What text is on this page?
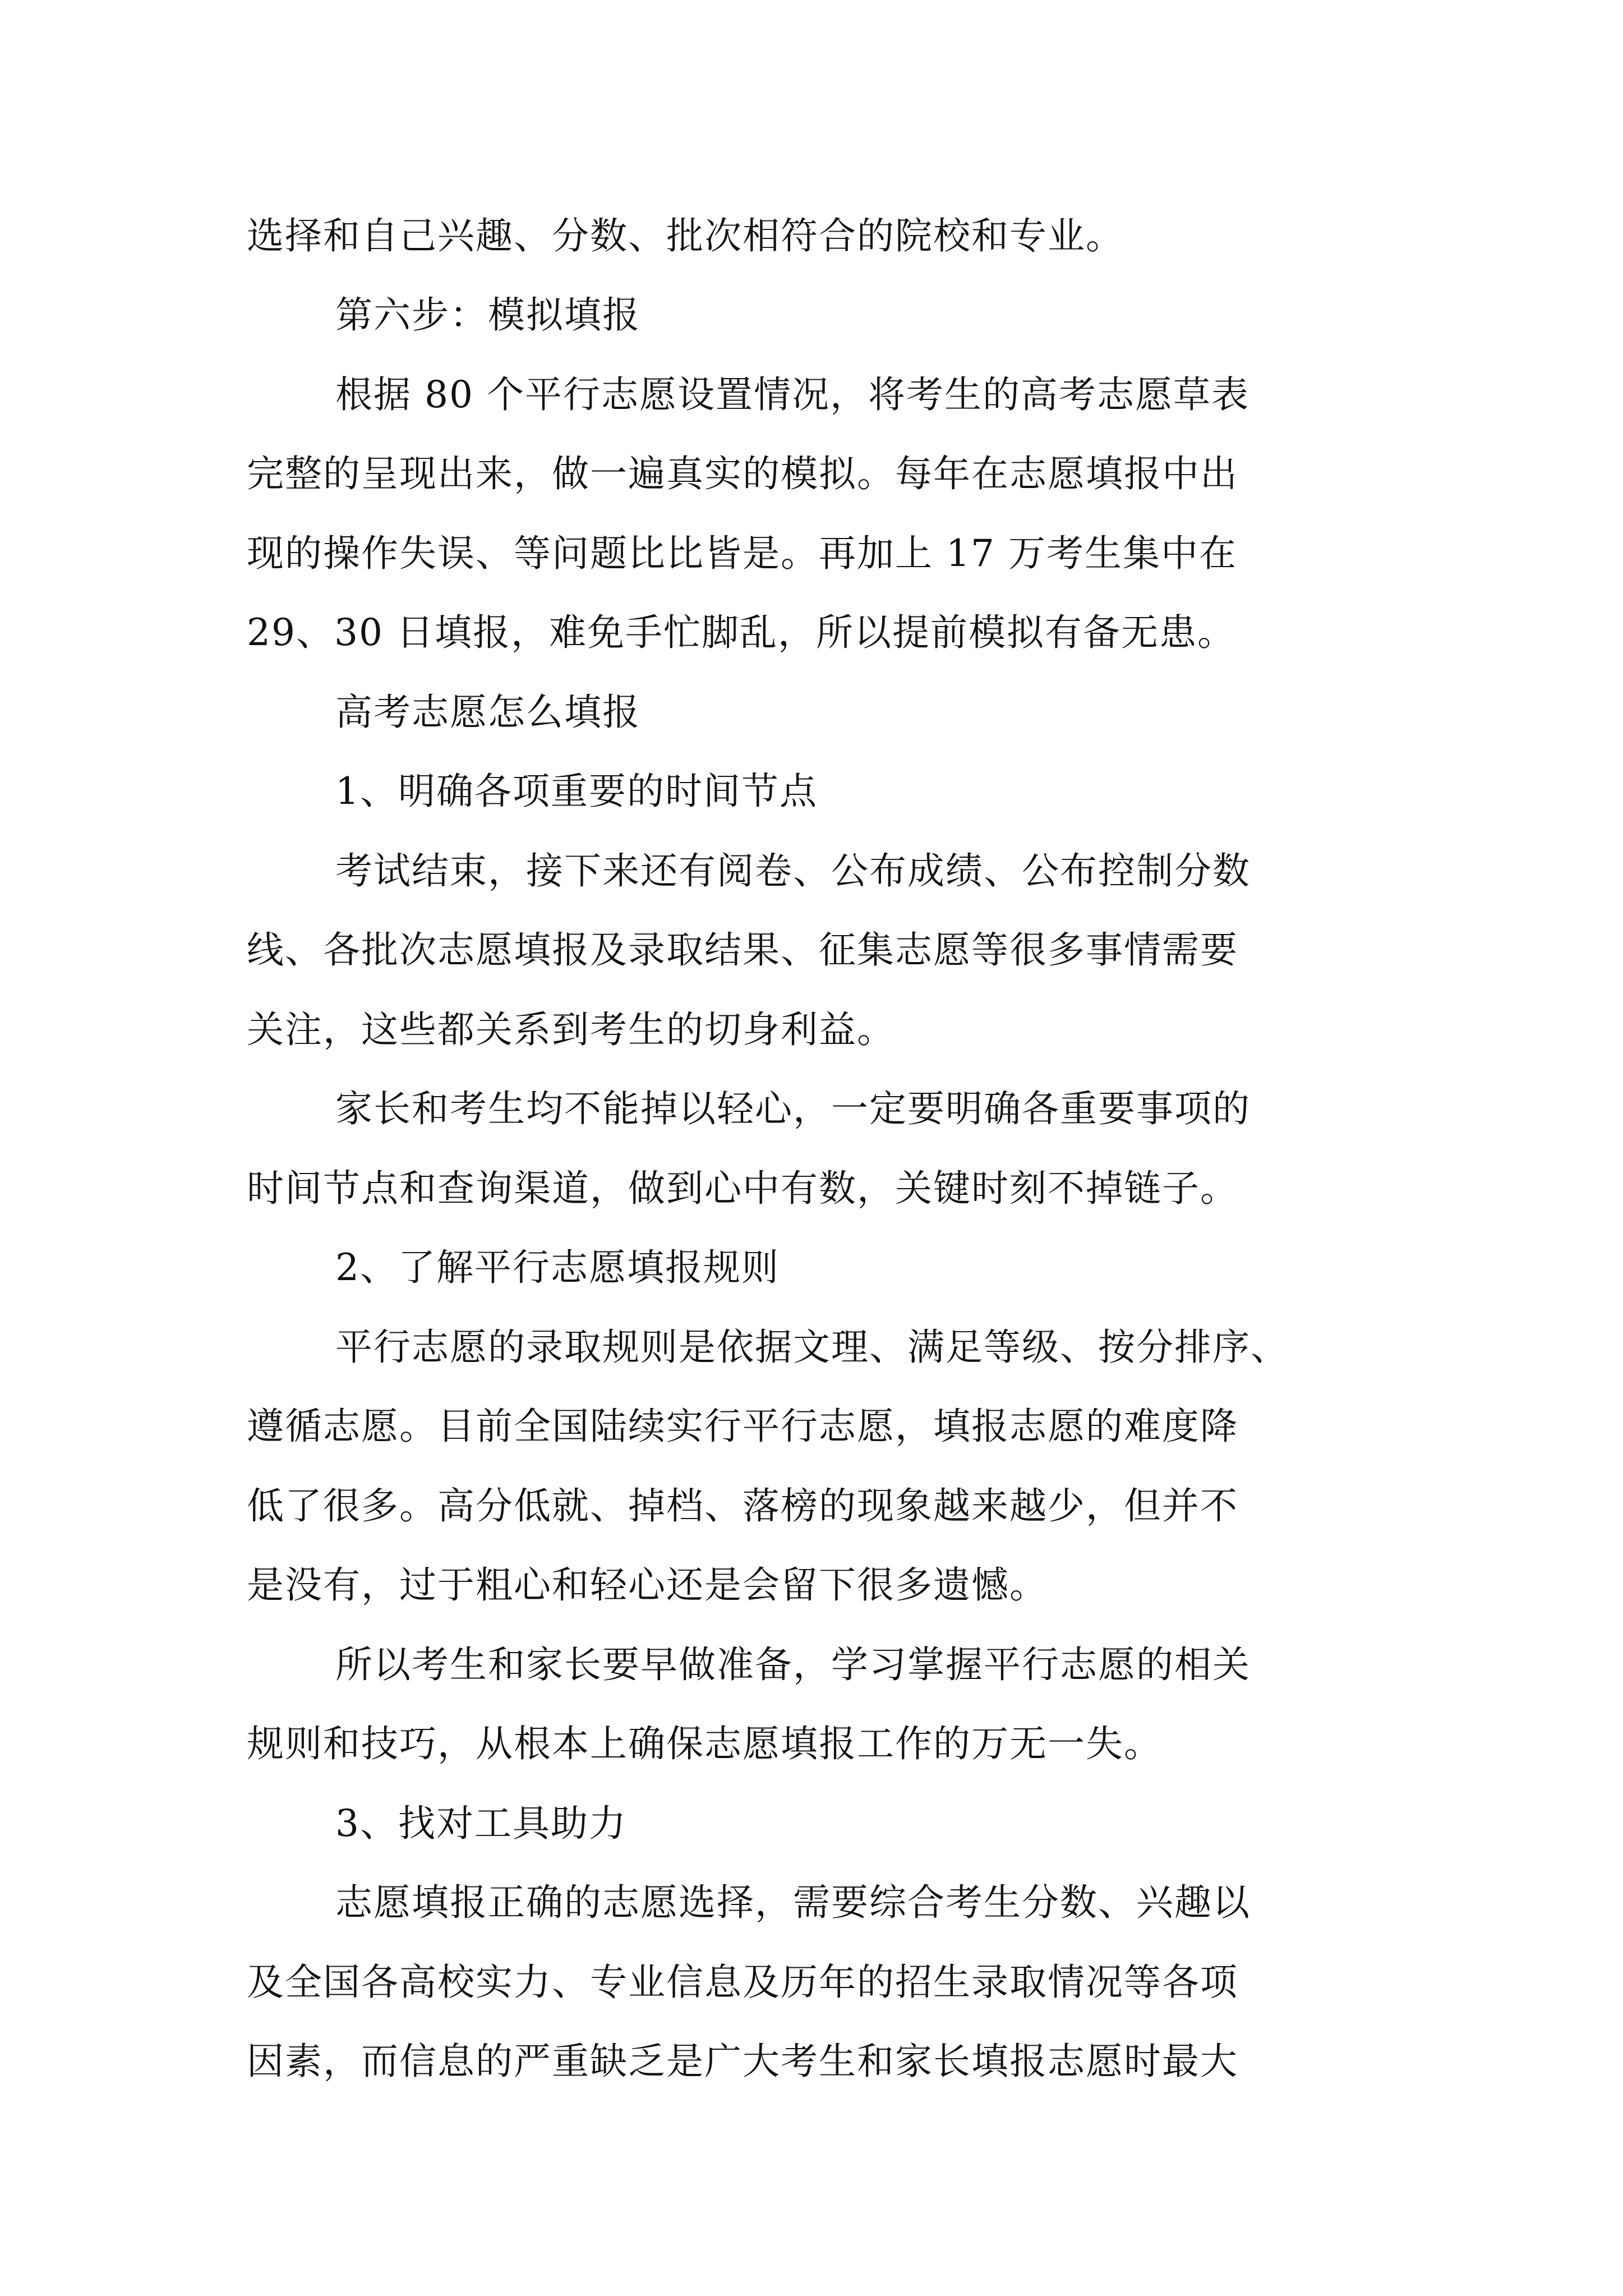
选择和自己兴趣、分数、批次相符合的院校和专业。
第六步：模拟填报
根据 80 个平行志愿设置情况，将考生的高考志愿草表
完整的呈现出来，做一遍真实的模拟。每年在志愿填报中出
现的操作失误、等问题比比皆是。再加上 17 万考生集中在
29、30 日填报，难免手忙脚乱，所以提前模拟有备无患。
高考志愿怎么填报
1、明确各项重要的时间节点
考试结束，接下来还有阅卷、公布成绩、公布控制分数
线、各批次志愿填报及录取结果、征集志愿等很多事情需要
关注，这些都关系到考生的切身利益。
家长和考生均不能掉以轻心，一定要明确各重要事项的
时间节点和查询渠道，做到心中有数，关键时刻不掉链子。
2、了解平行志愿填报规则
平行志愿的录取规则是依据文理、满足等级、按分排序、
遵循志愿。目前全国陆续实行平行志愿，填报志愿的难度降
低了很多。高分低就、掉档、落榜的现象越来越少，但并不
是没有，过于粗心和轻心还是会留下很多遗憾。
所以考生和家长要早做准备，学习掌握平行志愿的相关
规则和技巧，从根本上确保志愿填报工作的万无一失。
3、找对工具助力
志愿填报正确的志愿选择，需要综合考生分数、兴趣以
及全国各高校实力、专业信息及历年的招生录取情况等各项
因素，而信息的严重缺乏是广大考生和家长填报志愿时最大
